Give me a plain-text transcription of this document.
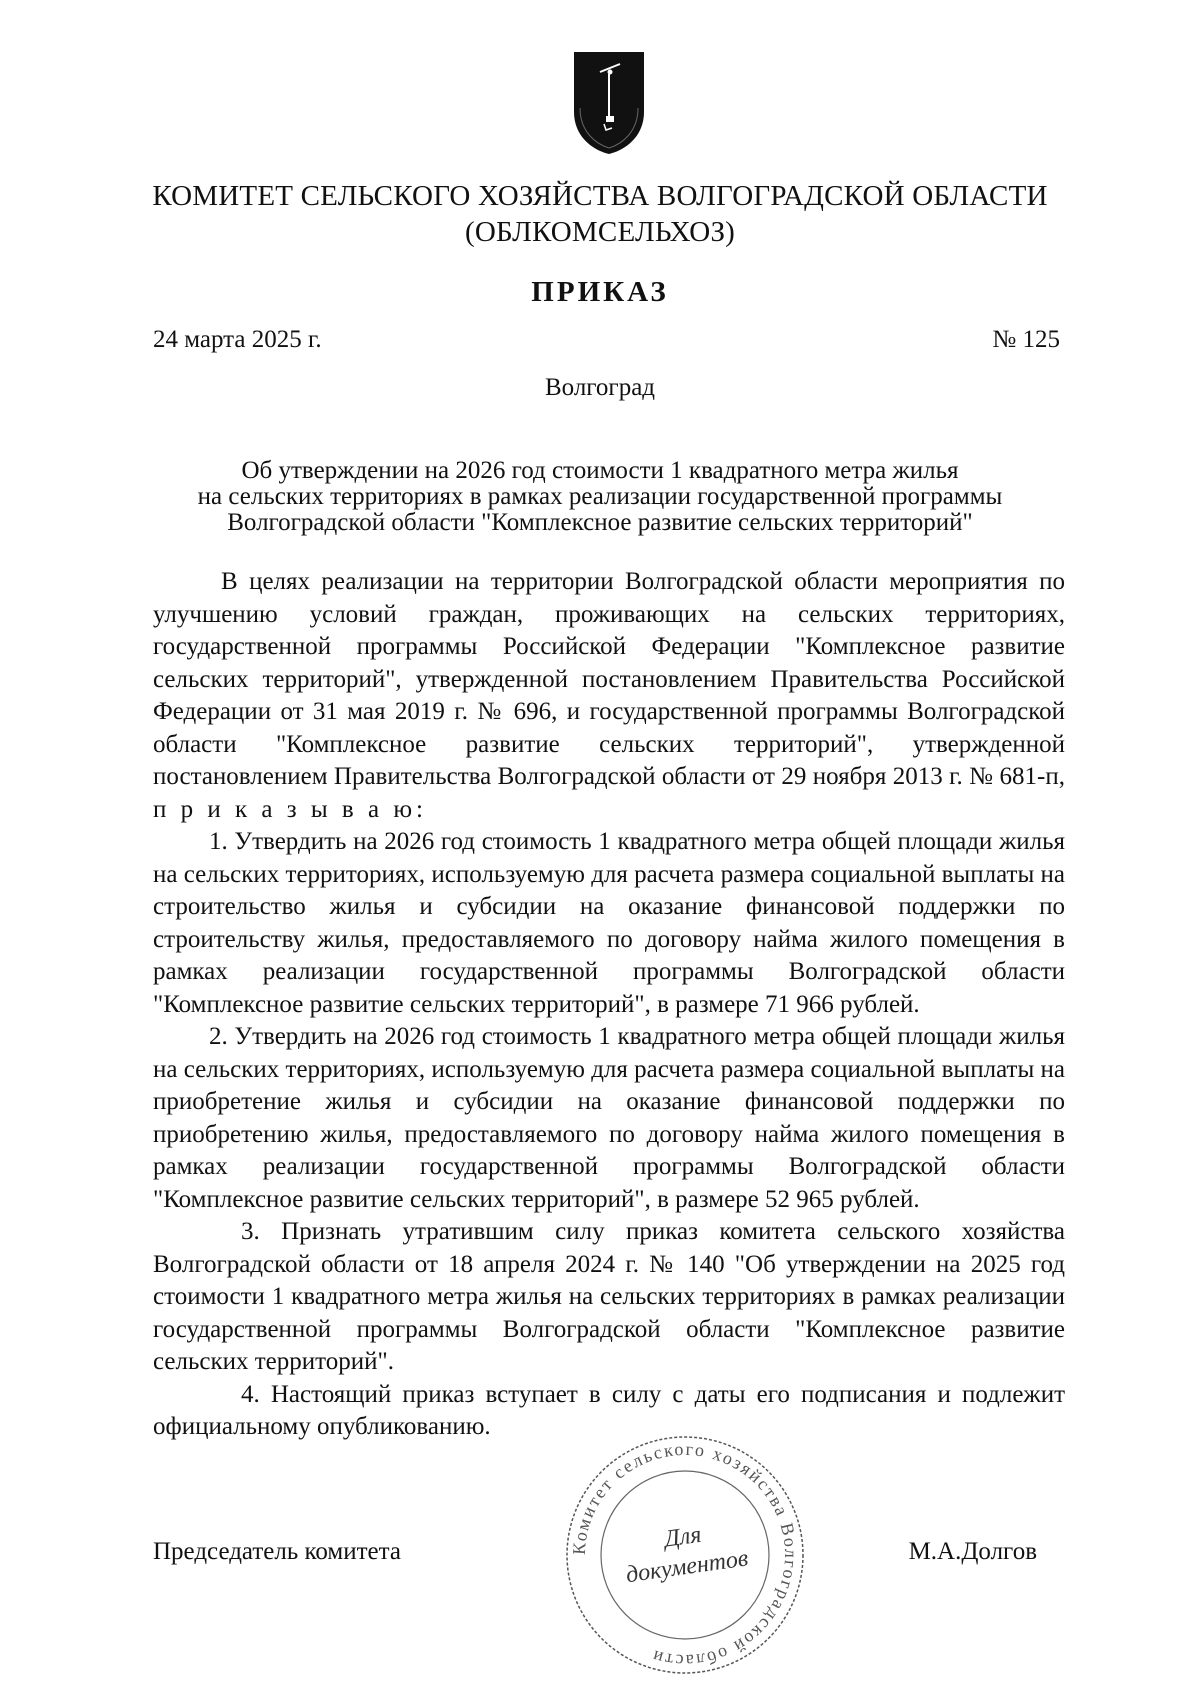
КОМИТЕТ СЕЛЬСКОГО ХОЗЯЙСТВА ВОЛГОГРАДСКОЙ ОБЛАСТИ
(ОБЛКОМСЕЛЬХОЗ)
ПРИКАЗ
24 марта 2025 г.	№ 125
Волгоград
Об утверждении на 2026 год стоимости 1 квадратного метра жилья
на сельских территориях в рамках реализации государственной программы
Волгоградской области "Комплексное развитие сельских территорий"

В целях реализации на территории Волгоградской области мероприятия по улучшению условий граждан, проживающих на сельских территориях, государственной программы Российской Федерации "Комплексное развитие сельских территорий", утвержденной постановлением Правительства Российской Федерации от 31 мая 2019 г. № 696, и государственной программы Волгоградской области "Комплексное развитие сельских территорий", утвержденной постановлением Правительства Волгоградской области от 29 ноября 2013 г. № 681-п, п р и к а з ы в а ю:

1. Утвердить на 2026 год стоимость 1 квадратного метра общей площади жилья на сельских территориях, используемую для расчета размера социальной выплаты на строительство жилья и субсидии на оказание финансовой поддержки по строительству жилья, предоставляемого по договору найма жилого помещения в рамках реализации государственной программы Волгоградской области "Комплексное развитие сельских территорий", в размере 71 966 рублей.

2. Утвердить на 2026 год стоимость 1 квадратного метра общей площади жилья на сельских территориях, используемую для расчета размера социальной выплаты на приобретение жилья и субсидии на оказание финансовой поддержки по приобретению жилья, предоставляемого по договору найма жилого помещения в рамках реализации государственной программы Волгоградской области "Комплексное развитие сельских территорий", в размере 52 965 рублей.

3. Признать утратившим силу приказ комитета сельского хозяйства Волгоградской области от 18 апреля 2024 г. № 140 "Об утверждении на 2025 год стоимости 1 квадратного метра жилья на сельских территориях в рамках реализации государственной программы Волгоградской области "Комплексное развитие сельских территорий".

4. Настоящий приказ вступает в силу с даты его подписания и подлежит официальному опубликованию.

Комитет сельского хозяйства Волгоградской области
Для
документов
Председатель комитета	М.А.Долгов
